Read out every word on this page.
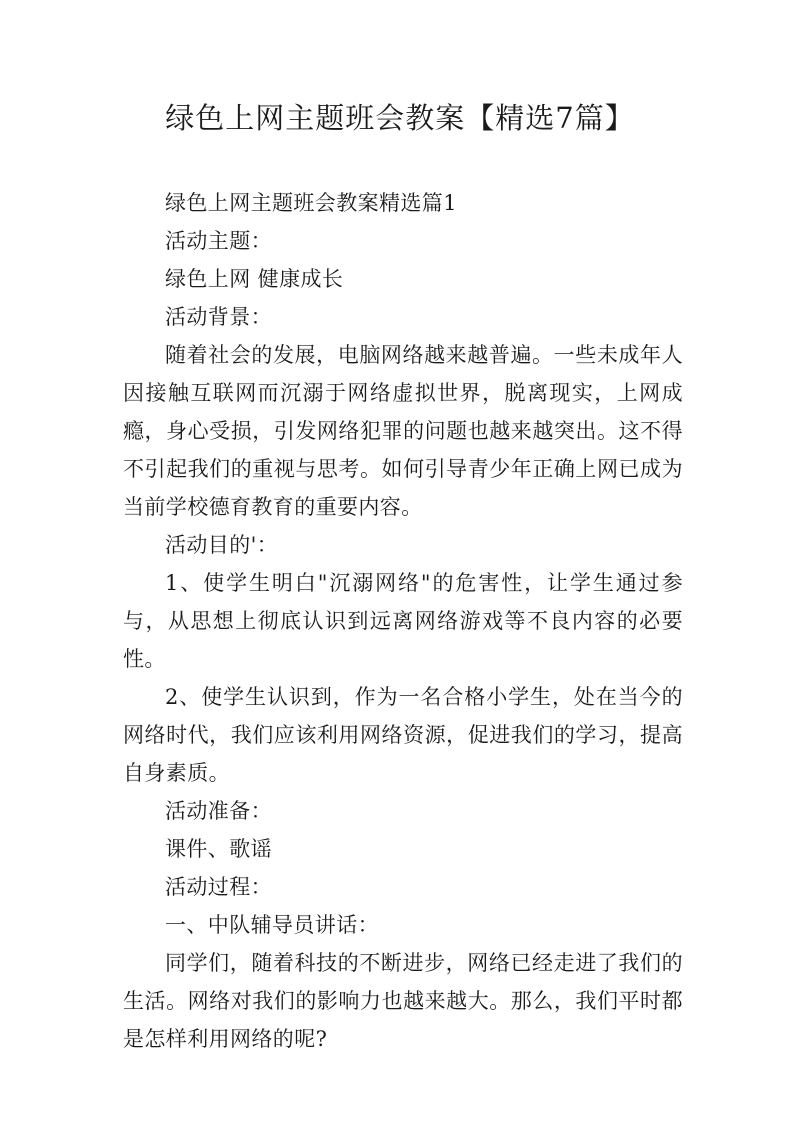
绿色上网主题班会教案【精选7篇】

绿色上网主题班会教案精选篇1

活动主题：

绿色上网 健康成长

活动背景：

随着社会的发展，电脑网络越来越普遍。一些未成年人因接触互联网而沉溺于网络虚拟世界，脱离现实，上网成瘾，身心受损，引发网络犯罪的问题也越来越突出。这不得不引起我们的重视与思考。如何引导青少年正确上网已成为当前学校德育教育的重要内容。

活动目的'：

1、使学生明白"沉溺网络"的危害性，让学生通过参与，从思想上彻底认识到远离网络游戏等不良内容的必要性。

2、使学生认识到，作为一名合格小学生，处在当今的网络时代，我们应该利用网络资源，促进我们的学习，提高自身素质。

活动准备：

课件、歌谣

活动过程：

一、中队辅导员讲话：

同学们，随着科技的不断进步，网络已经走进了我们的生活。网络对我们的影响力也越来越大。那么，我们平时都是怎样利用网络的呢?
